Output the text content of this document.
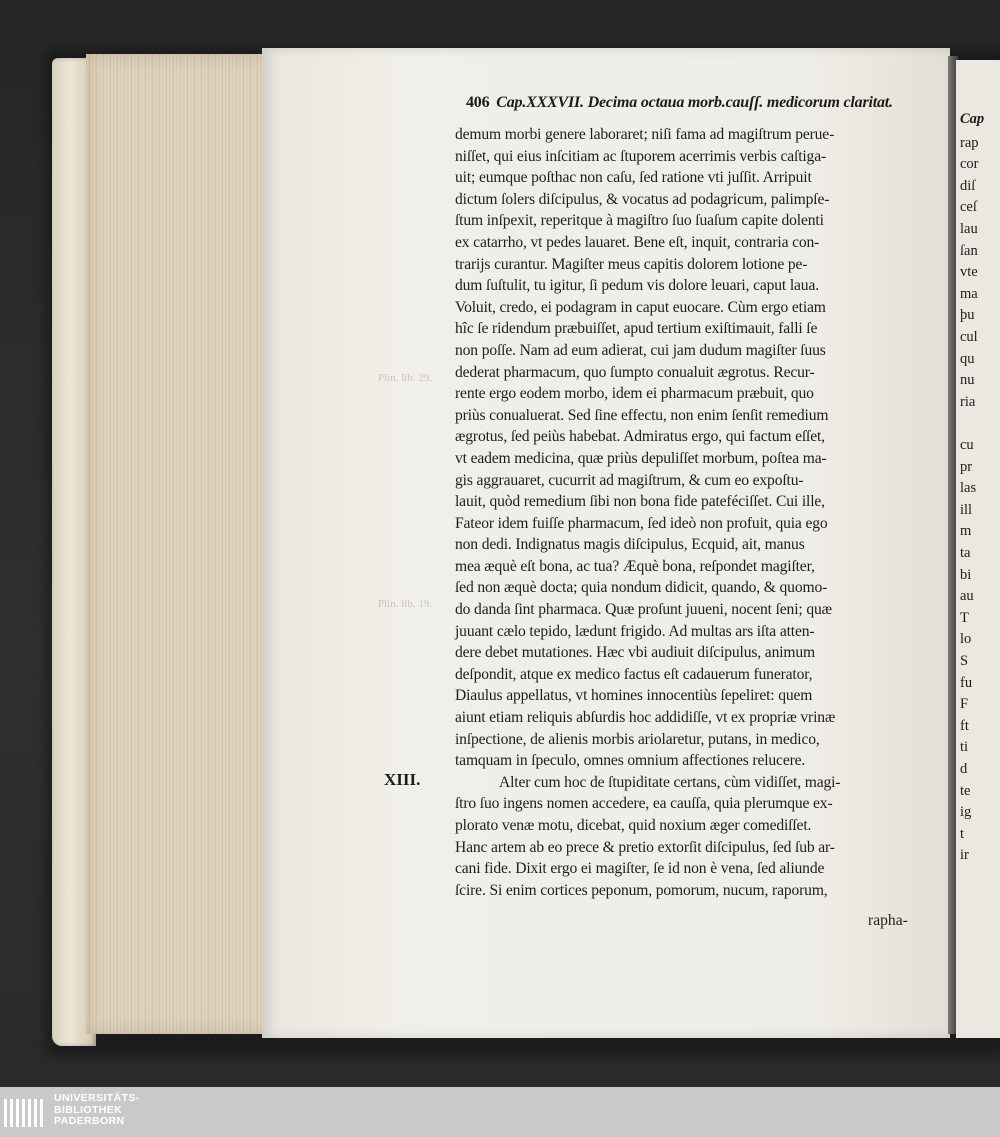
Cap
rap
cor
diſ
ceſ
lau
ſan
vte
ma
þu
cul
qu
nu
ria
cu
pr
las
ill
m
ta
bi
au
T
lo
S
fu
F
ft
ti
d
te
ig
t
ir
406 Cap.XXXVII. Decima octaua morb.cauſſ. medicorum claritat.
Plin. lib. 29.
Plin. lib. 19.
XIII.
demum morbi genere laboraret; niſi fama ad magiſtrum perue-
niſſet, qui eius inſcitiam ac ſtuporem acerrimis verbis caſtiga-
uit; eumque poſthac non caſu, ſed ratione vti juſſit. Arripuit
dictum ſolers diſcipulus, & vocatus ad podagricum, palimpſe-
ſtum inſpexit, reperitque à magiſtro ſuo ſuaſum capite dolenti
ex catarrho, vt pedes lauaret. Bene eſt, inquit, contraria con-
trarijs curantur. Magiſter meus capitis dolorem lotione pe-
dum ſuſtulit, tu igitur, ſi pedum vis dolore leuari, caput laua.
Voluit, credo, ei podagram in caput euocare. Cùm ergo etiam
hîc ſe ridendum præbuiſſet, apud tertium exiſtimauit, falli ſe
non poſſe. Nam ad eum adierat, cui jam dudum magiſter ſuus
dederat pharmacum, quo ſumpto conualuit ægrotus. Recur-
rente ergo eodem morbo, idem ei pharmacum præbuit, quo
priùs conualuerat. Sed ſine effectu, non enim ſenſit remedium
ægrotus, ſed peiùs habebat. Admiratus ergo, qui factum eſſet,
vt eadem medicina, quæ priùs depuliſſet morbum, poſtea ma-
gis aggrauaret, cucurrit ad magiſtrum, & cum eo expoſtu-
lauit, quòd remedium ſibi non bona fide pateféciſſet. Cui ille,
Fateor idem fuiſſe pharmacum, ſed ideò non profuit, quia ego
non dedi. Indignatus magis diſcipulus, Ecquid, ait, manus
mea æquè eſt bona, ac tua? Æquè bona, reſpondet magiſter,
ſed non æquè docta; quia nondum didicit, quando, & quomo-
do danda ſint pharmaca. Quæ proſunt juueni, nocent ſeni; quæ
juuant cælo tepido, lædunt frigido. Ad multas ars iſta atten-
dere debet mutationes. Hæc vbi audiuit diſcipulus, animum
deſpondit, atque ex medico factus eſt cadauerum funerator,
Diaulus appellatus, vt homines innocentiùs ſepeliret: quem
aiunt etiam reliquis abſurdis hoc addidiſſe, vt ex propriæ vrinæ
inſpectione, de alienis morbis ariolaretur, putans, in medico,
tamquam in ſpeculo, omnes omnium affectiones relucere.
Alter cum hoc de ſtupiditate certans, cùm vidiſſet, magi-
ſtro ſuo ingens nomen accedere, ea cauſſa, quia plerumque ex-
plorato venæ motu, dicebat, quid noxium æger comediſſet.
Hanc artem ab eo prece & pretio extorſit diſcipulus, ſed ſub ar-
cani fide. Dixit ergo ei magiſter, ſe id non è vena, ſed aliunde
ſcire. Si enim cortices peponum, pomorum, nucum, raporum,
rapha-
UNIVERSITÄTS-
BIBLIOTHEK
PADERBORN
